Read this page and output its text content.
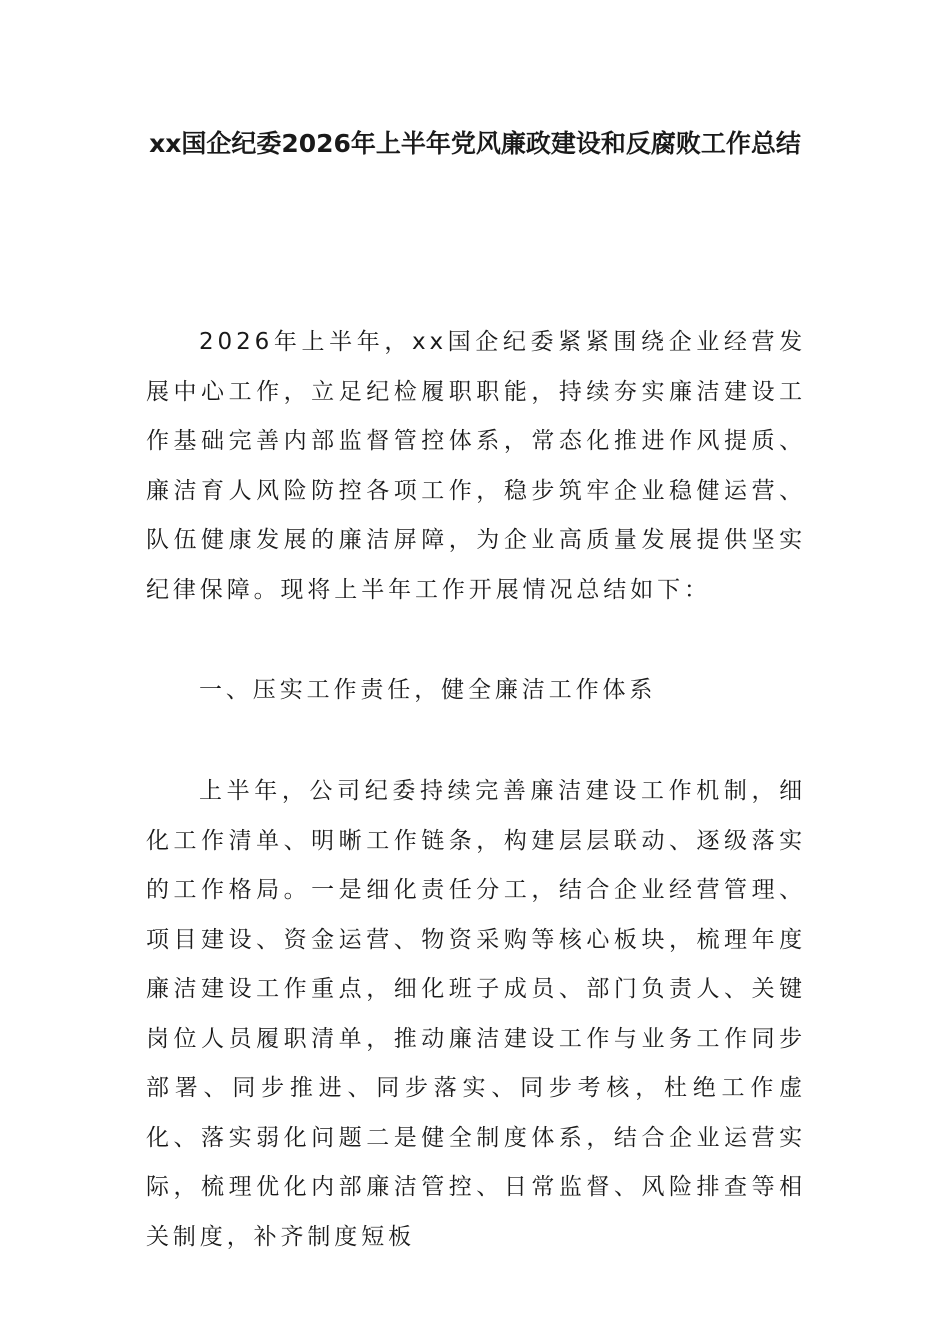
xx国企纪委2026年上半年党风廉政建设和反腐败工作总结

2026年上半年，xx国企纪委紧紧围绕企业经营发展中心工作，立足纪检履职职能，持续夯实廉洁建设工作基础完善内部监督管控体系，常态化推进作风提质、廉洁育人风险防控各项工作，稳步筑牢企业稳健运营、队伍健康发展的廉洁屏障，为企业高质量发展提供坚实纪律保障。现将上半年工作开展情况总结如下：

一、压实工作责任，健全廉洁工作体系

上半年，公司纪委持续完善廉洁建设工作机制，细化工作清单、明晰工作链条，构建层层联动、逐级落实的工作格局。一是细化责任分工，结合企业经营管理、项目建设、资金运营、物资采购等核心板块，梳理年度廉洁建设工作重点，细化班子成员、部门负责人、关键岗位人员履职清单，推动廉洁建设工作与业务工作同步部署、同步推进、同步落实、同步考核，杜绝工作虚化、落实弱化问题二是健全制度体系，结合企业运营实际，梳理优化内部廉洁管控、日常监督、风险排查等相关制度，补齐制度短板
